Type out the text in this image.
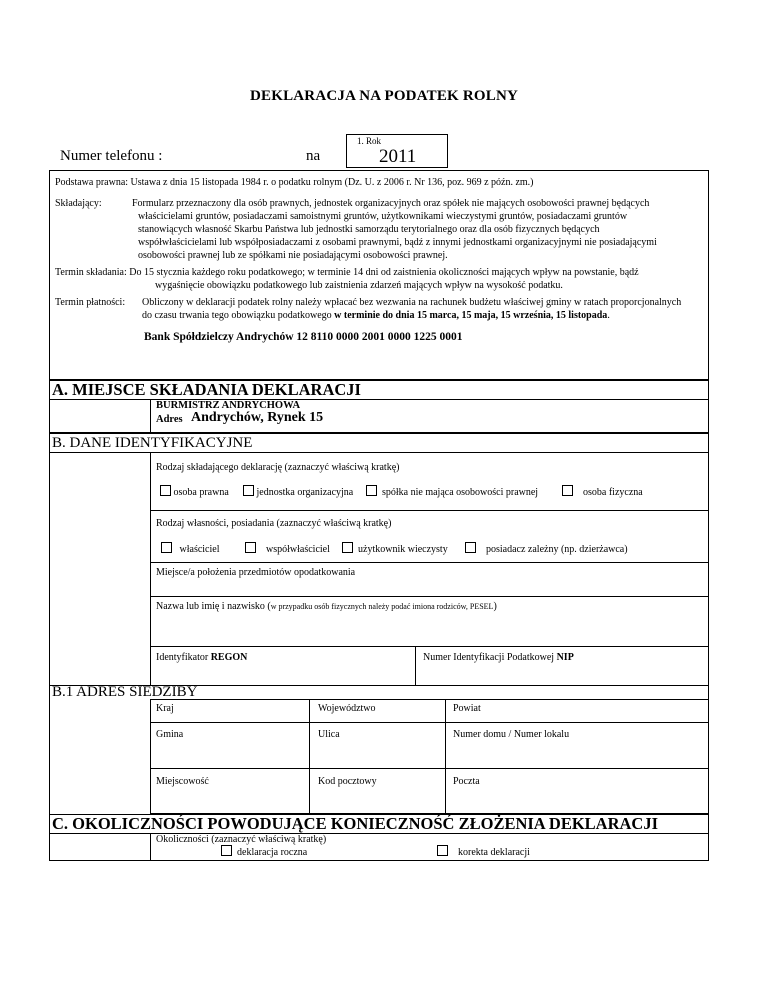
DEKLARACJA NA PODATEK ROLNY
Numer telefonu :	na
1. Rok
2011
Podstawa prawna: Ustawa z dnia 15 listopada 1984 r. o podatku rolnym (Dz. U. z 2006 r. Nr 136, poz. 969 z późn. zm.)
Składający:	Formularz przeznaczony dla osób prawnych, jednostek organizacyjnych oraz spółek nie mających osobowości prawnej będących
właścicielami gruntów, posiadaczami samoistnymi gruntów, użytkownikami wieczystymi gruntów, posiadaczami gruntów
stanowiących własność Skarbu Państwa lub jednostki samorządu terytorialnego oraz dla osób fizycznych będących
współwłaścicielami lub współposiadaczami z osobami prawnymi, bądź z innymi jednostkami organizacyjnymi nie posiadającymi
osobowości prawnej lub ze spółkami nie posiadającymi osobowości prawnej.
Termin składania: Do 15 stycznia każdego roku podatkowego; w terminie 14 dni od zaistnienia okoliczności mających wpływ na powstanie, bądź
wygaśnięcie obowiązku podatkowego lub zaistnienia zdarzeń mających wpływ na wysokość podatku.
Termin płatności: Obliczony w deklaracji podatek rolny należy wpłacać bez wezwania na rachunek budżetu właściwej gminy w ratach proporcjonalnych
do czasu trwania tego obowiązku podatkowego w terminie do dnia 15 marca, 15 maja, 15 września, 15 listopada.
Bank Spółdzielczy Andrychów 12 8110 0000 2001 0000 1225 0001
A. MIEJSCE SKŁADANIA DEKLARACJI
BURMISTRZ ANDRYCHOWA
Adres Andrychów, Rynek 15
B. DANE IDENTYFIKACYJNE
Rodzaj składającego deklarację (zaznaczyć właściwą kratkę)
osoba prawna	jednostka organizacyjna	spółka nie mająca osobowości prawnej	osoba fizyczna
Rodzaj własności, posiadania (zaznaczyć właściwą kratkę)
właściciel	współwłaściciel	użytkownik wieczysty	posiadacz zależny (np. dzierżawca)
Miejsce/a położenia przedmiotów opodatkowania
Nazwa lub imię i nazwisko (w przypadku osób fizycznych należy podać imiona rodziców, PESEL)
Identyfikator REGON	Numer Identyfikacji Podatkowej NIP
B.1 ADRES SIEDZIBY
Kraj	Województwo	Powiat
Gmina	Ulica	Numer domu / Numer lokalu
Miejscowość	Kod pocztowy	Poczta
C. OKOLICZNOŚCI POWODUJĄCE KONIECZNOŚĆ ZŁOŻENIA DEKLARACJI
Okoliczności (zaznaczyć właściwą kratkę)
deklaracja roczna	korekta deklaracji
